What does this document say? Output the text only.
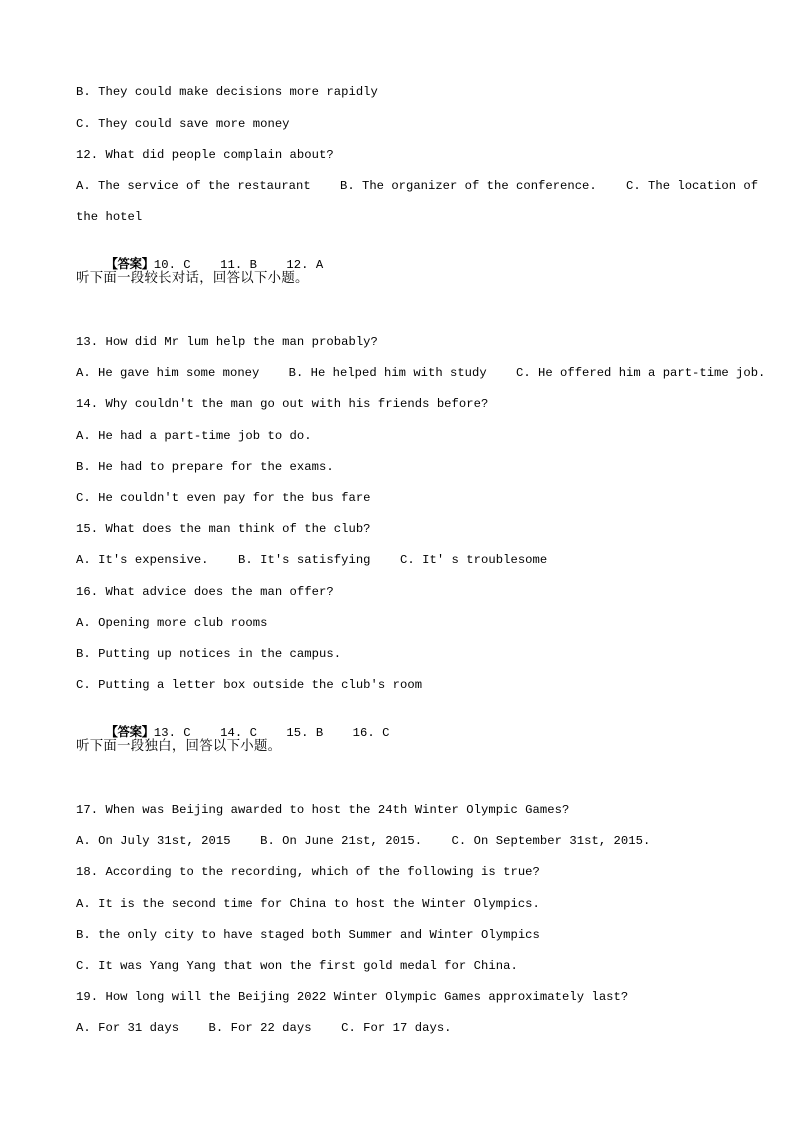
B. They could make decisions more rapidly
C. They could save more money
12. What did people complain about?
A. The service of the restaurant    B. The organizer of the conference.    C. The location of
the hotel

【答案】10. C    11. B    12. A

听下面一段较长对话，回答以下小题。
13. How did Mr lum help the man probably?
A. He gave him some money    B. He helped him with study    C. He offered him a part-time job.
14. Why couldn't the man go out with his friends before?
A. He had a part-time job to do.
B. He had to prepare for the exams.
C. He couldn't even pay for the bus fare
15. What does the man think of the club?
A. It's expensive.    B. It's satisfying    C. It' s troublesome
16. What advice does the man offer?
A. Opening more club rooms
B. Putting up notices in the campus.
C. Putting a letter box outside the club's room

【答案】13. C    14. C    15. B    16. C

听下面一段独白，回答以下小题。
17. When was Beijing awarded to host the 24th Winter Olympic Games?
A. On July 31st, 2015    B. On June 21st, 2015.    C. On September 31st, 2015.
18. According to the recording, which of the following is true?
A. It is the second time for China to host the Winter Olympics.
B. the only city to have staged both Summer and Winter Olympics
C. It was Yang Yang that won the first gold medal for China.
19. How long will the Beijing 2022 Winter Olympic Games approximately last?
A. For 31 days    B. For 22 days    C. For 17 days.
